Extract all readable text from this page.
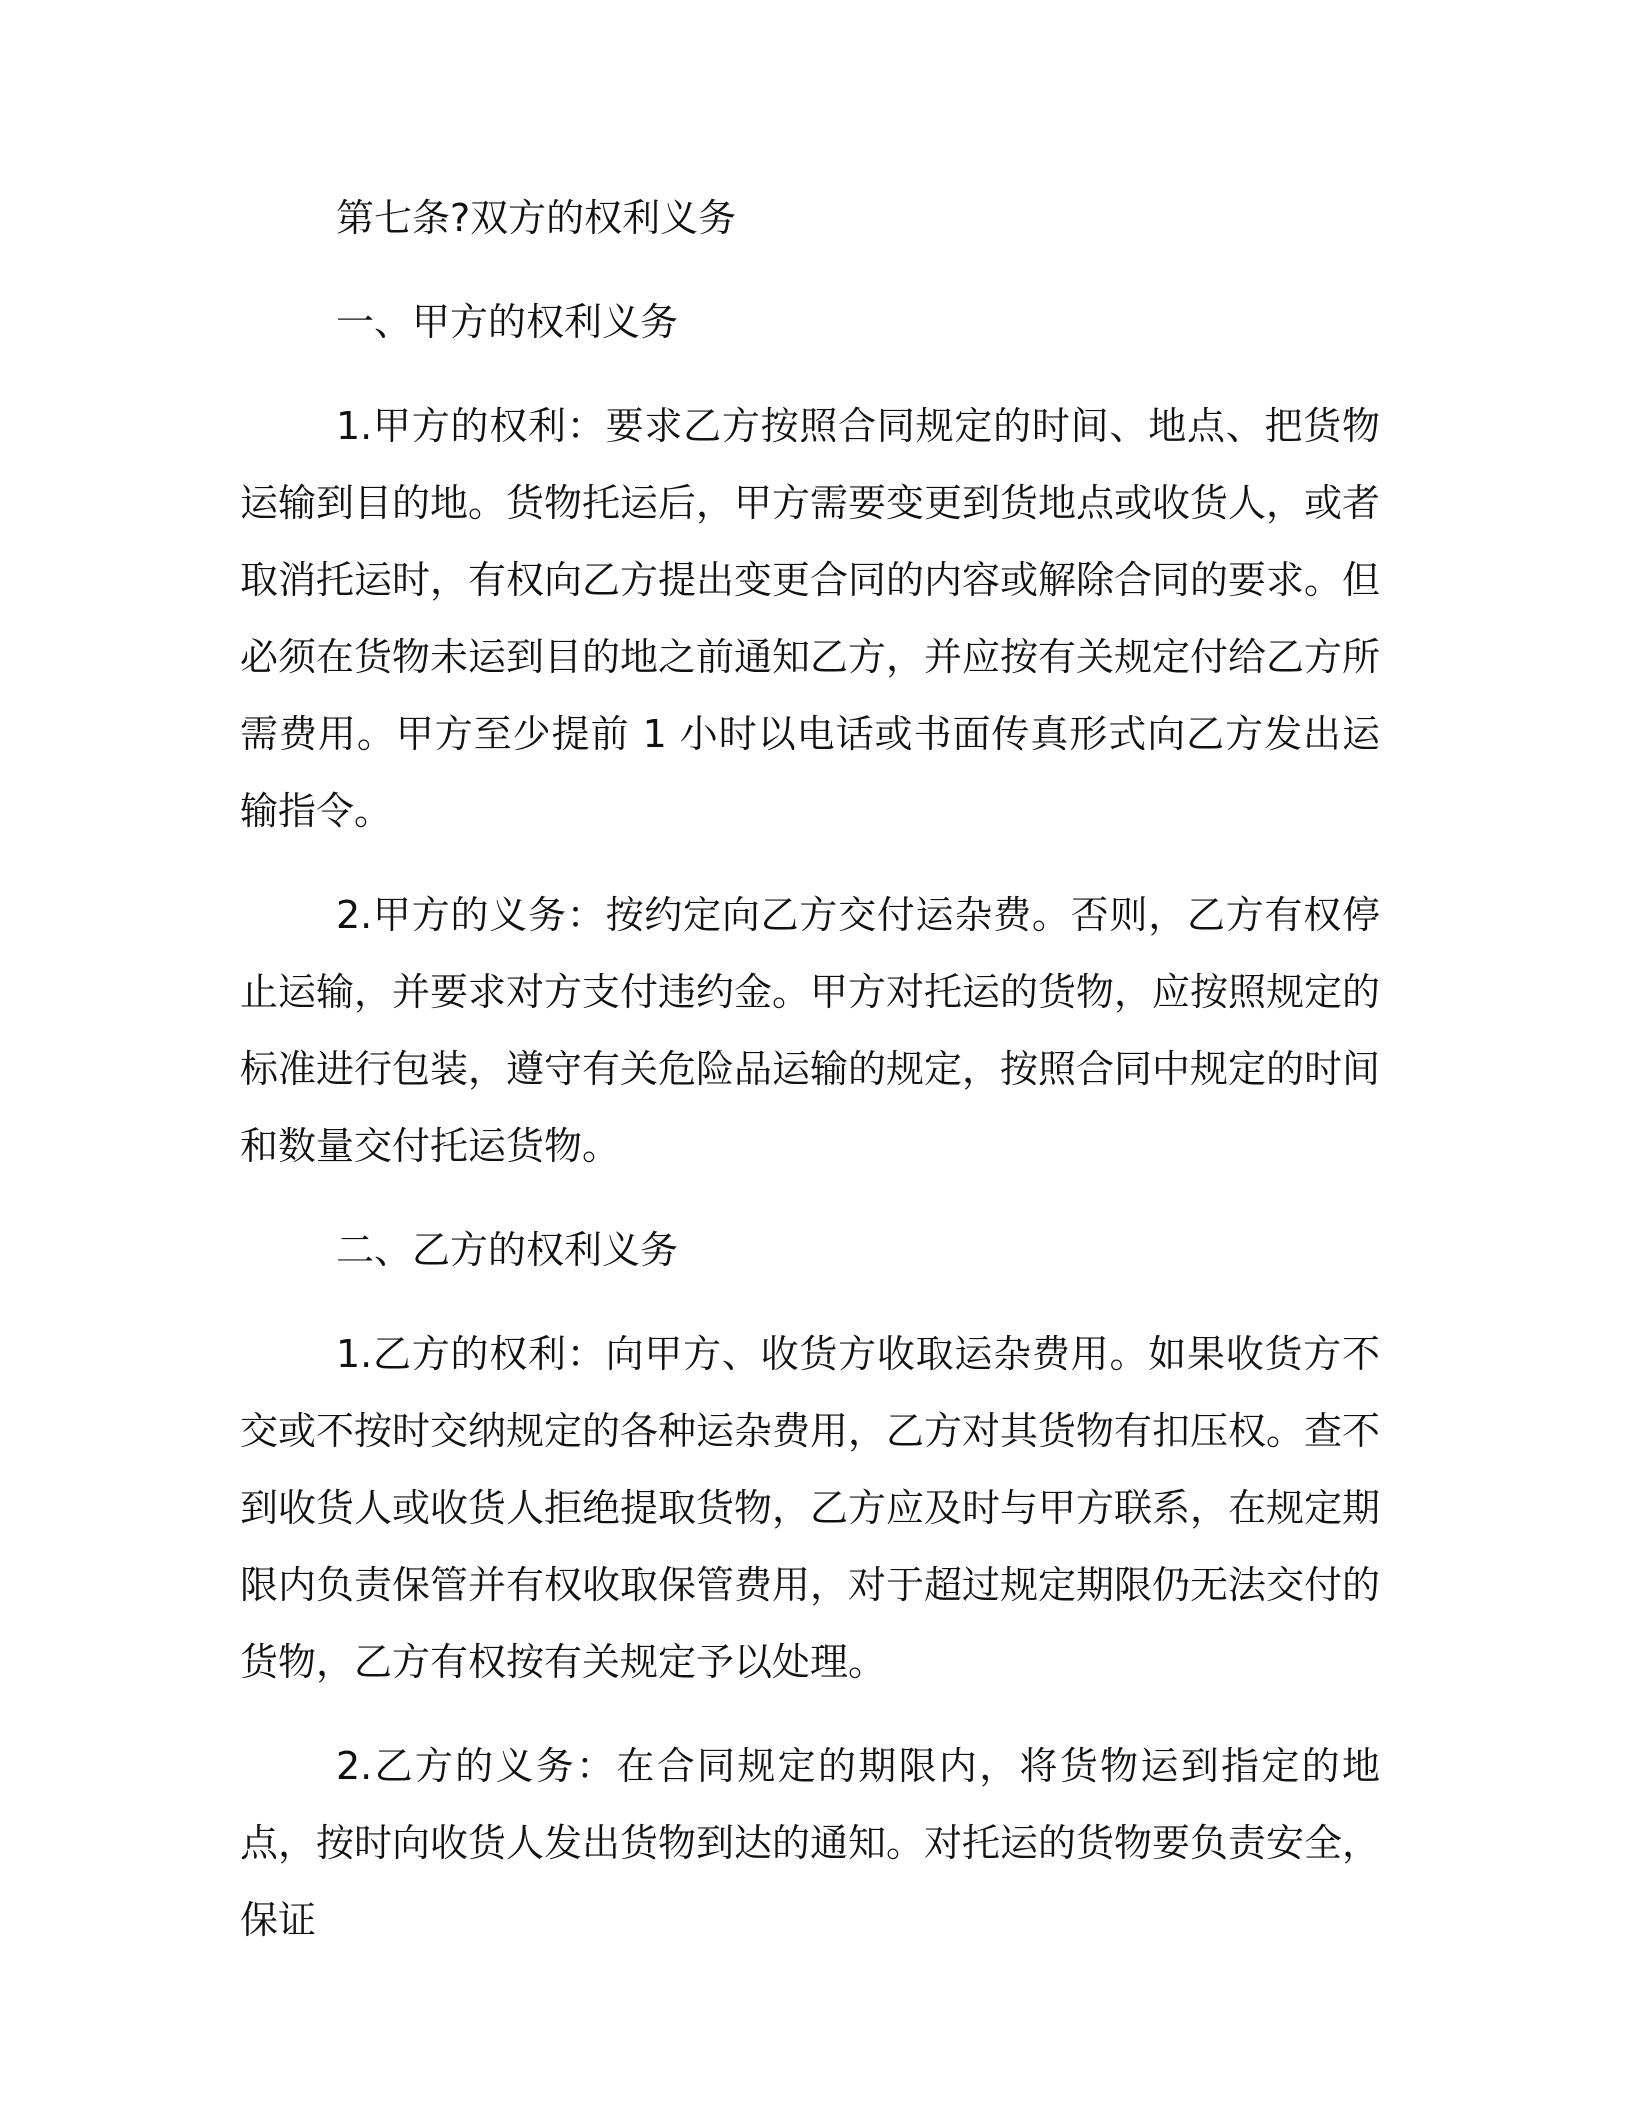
第七条?双方的权利义务

一、甲方的权利义务

1.甲方的权利：要求乙方按照合同规定的时间、地点、把货物运输到目的地。货物托运后，甲方需要变更到货地点或收货人，或者取消托运时，有权向乙方提出变更合同的内容或解除合同的要求。但必须在货物未运到目的地之前通知乙方，并应按有关规定付给乙方所需费用。甲方至少提前 1 小时以电话或书面传真形式向乙方发出运输指令。

2.甲方的义务：按约定向乙方交付运杂费。否则，乙方有权停止运输，并要求对方支付违约金。甲方对托运的货物，应按照规定的标准进行包装，遵守有关危险品运输的规定，按照合同中规定的时间和数量交付托运货物。

二、乙方的权利义务

1.乙方的权利：向甲方、收货方收取运杂费用。如果收货方不交或不按时交纳规定的各种运杂费用，乙方对其货物有扣压权。查不到收货人或收货人拒绝提取货物，乙方应及时与甲方联系，在规定期限内负责保管并有权收取保管费用，对于超过规定期限仍无法交付的货物，乙方有权按有关规定予以处理。

2.乙方的义务：在合同规定的期限内，将货物运到指定的地点，按时向收货人发出货物到达的通知。对托运的货物要负责安全，保证
